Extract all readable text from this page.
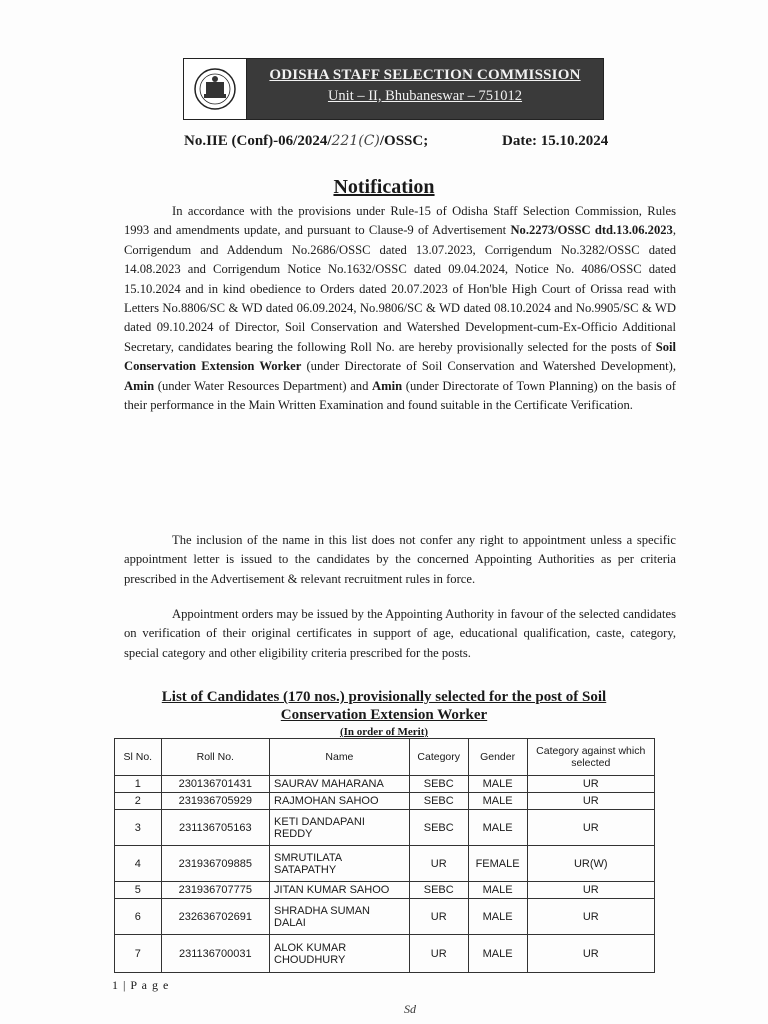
ODISHA STAFF SELECTION COMMISSION
Unit – II, Bhubaneswar – 751012
No.IIE (Conf)-06/2024/221(C)/OSSC;	Date: 15.10.2024
Notification

In accordance with the provisions under Rule-15 of Odisha Staff Selection Commission, Rules 1993 and amendments update, and pursuant to Clause-9 of Advertisement No.2273/OSSC dtd.13.06.2023, Corrigendum and Addendum No.2686/OSSC dated 13.07.2023, Corrigendum No.3282/OSSC dated 14.08.2023 and Corrigendum Notice No.1632/OSSC dated 09.04.2024, Notice No. 4086/OSSC dated 15.10.2024 and in kind obedience to Orders dated 20.07.2023 of Hon'ble High Court of Orissa read with Letters No.8806/SC & WD dated 06.09.2024, No.9806/SC & WD dated 08.10.2024 and No.9905/SC & WD dated 09.10.2024 of Director, Soil Conservation and Watershed Development-cum-Ex-Officio Additional Secretary, candidates bearing the following Roll No. are hereby provisionally selected for the posts of Soil Conservation Extension Worker (under Directorate of Soil Conservation and Watershed Development), Amin (under Water Resources Department) and Amin (under Directorate of Town Planning) on the basis of their performance in the Main Written Examination and found suitable in the Certificate Verification.

The inclusion of the name in this list does not confer any right to appointment unless a specific appointment letter is issued to the candidates by the concerned Appointing Authorities as per criteria prescribed in the Advertisement & relevant recruitment rules in force.

Appointment orders may be issued by the Appointing Authority in favour of the selected candidates on verification of their original certificates in support of age, educational qualification, caste, category, special category and other eligibility criteria prescribed for the posts.

List of Candidates (170 nos.) provisionally selected for the post of Soil
Conservation Extension Worker
(In order of Merit)
Sl No.	Roll No.	Name	Category	Gender	Category against which selected
1	230136701431	SAURAV MAHARANA	SEBC	MALE	UR
2	231936705929	RAJMOHAN SAHOO	SEBC	MALE	UR
3	231136705163	KETI DANDAPANI REDDY	SEBC	MALE	UR
4	231936709885	SMRUTILATA SATAPATHY	UR	FEMALE	UR(W)
5	231936707775	JITAN KUMAR SAHOO	SEBC	MALE	UR
6	232636702691	SHRADHA SUMAN DALAI	UR	MALE	UR
7	231136700031	ALOK KUMAR CHOUDHURY	UR	MALE	UR
1 | P a g e
Sd
